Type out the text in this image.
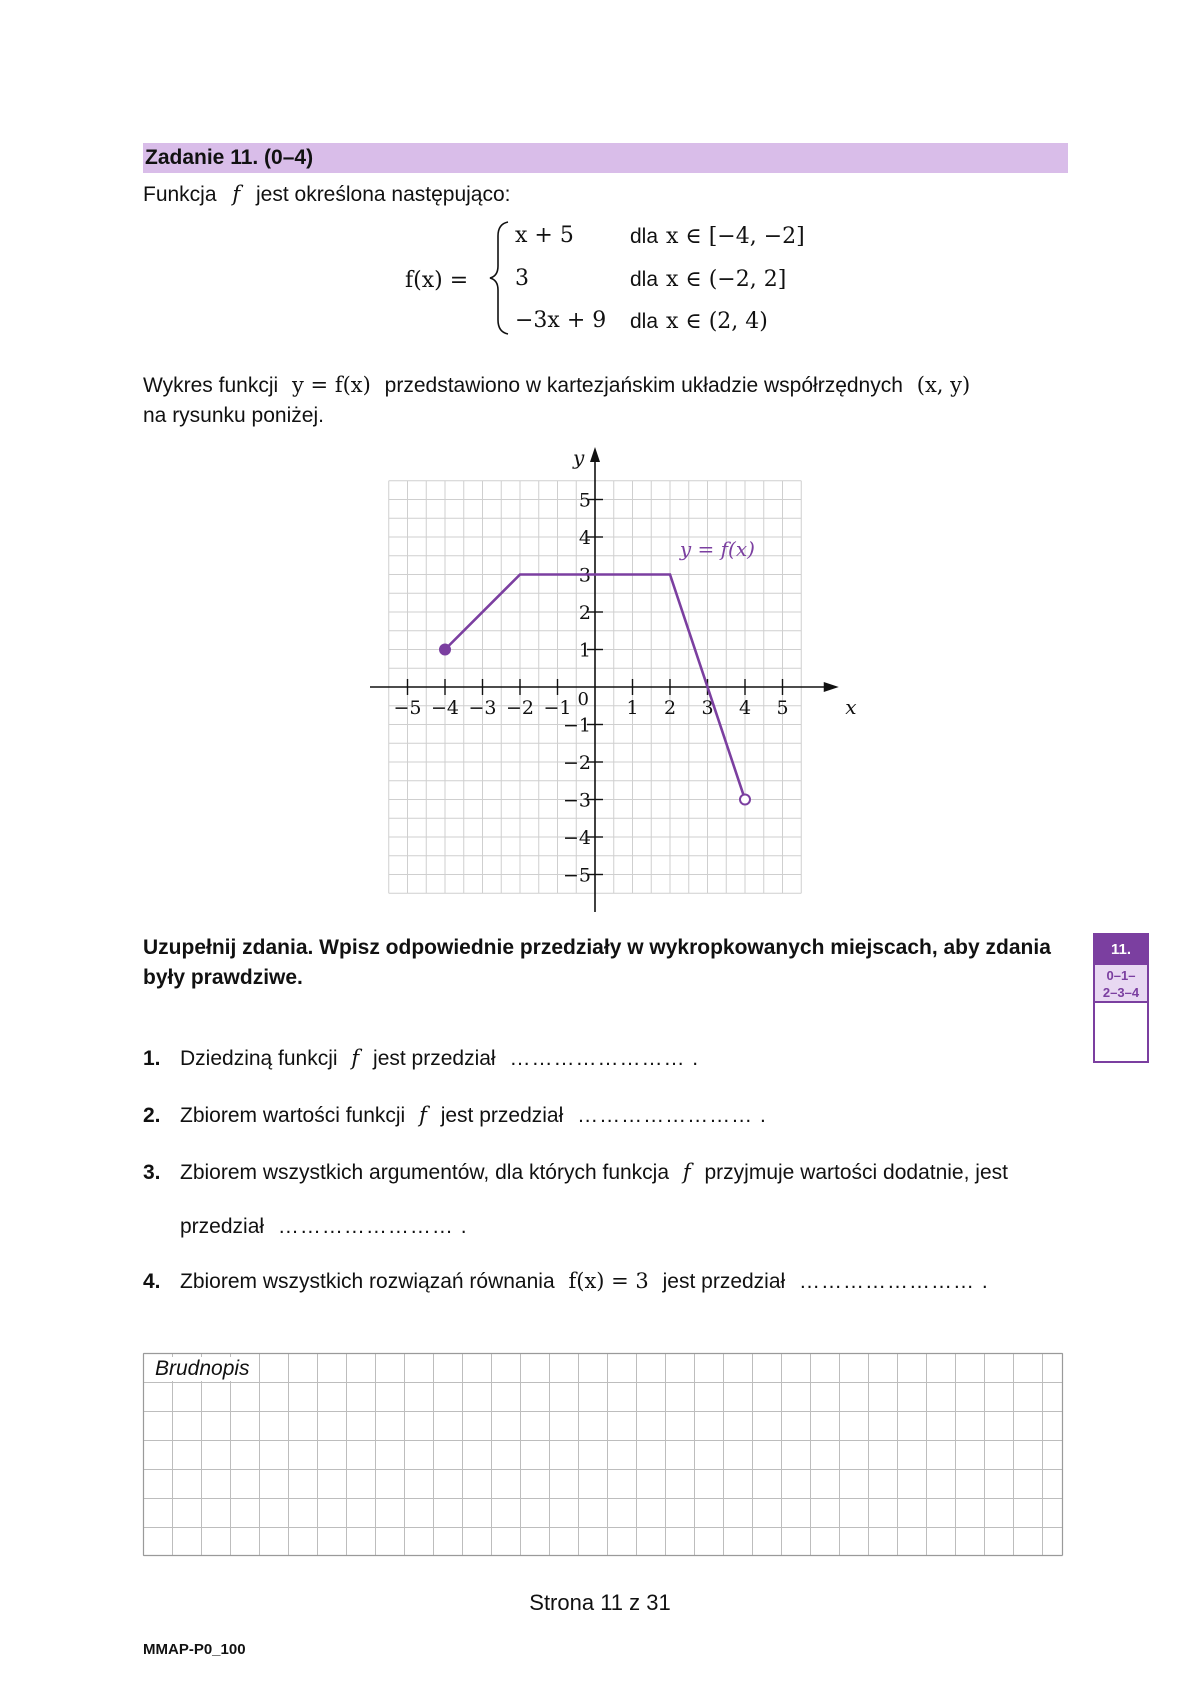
Zadanie 11. (0–4)
Funkcja f jest określona następująco:
f(x) =
x + 5	dla x ∈ [−4, −2]
3	dla x ∈ (−2, 2]
−3x + 9 dla x ∈ (2, 4)
Wykres funkcji y = f(x) przedstawiono w kartezjańskim układzie współrzędnych (x, y)
na rysunku poniżej.
−5 −4 −3 −2 −1	1 2 3 4 5
5
4
3
2
1
−1
−2
−3
−4
−5
0	x
y
y = f(x)
Uzupełnij zdania. Wpisz odpowiednie przedziały w wykropkowanych miejscach, aby zdania były prawdziwe.
11.
0–1–
2–3–4
1. Dziedziną funkcji f jest przedział …………………… .
2. Zbiorem wartości funkcji f jest przedział …………………… .
3. Zbiorem wszystkich argumentów, dla których funkcja f przyjmuje wartości dodatnie, jest
przedział …………………… .
4. Zbiorem wszystkich rozwiązań równania f(x) = 3 jest przedział …………………… .
Brudnopis
Strona 11 z 31
MMAP-P0_100
